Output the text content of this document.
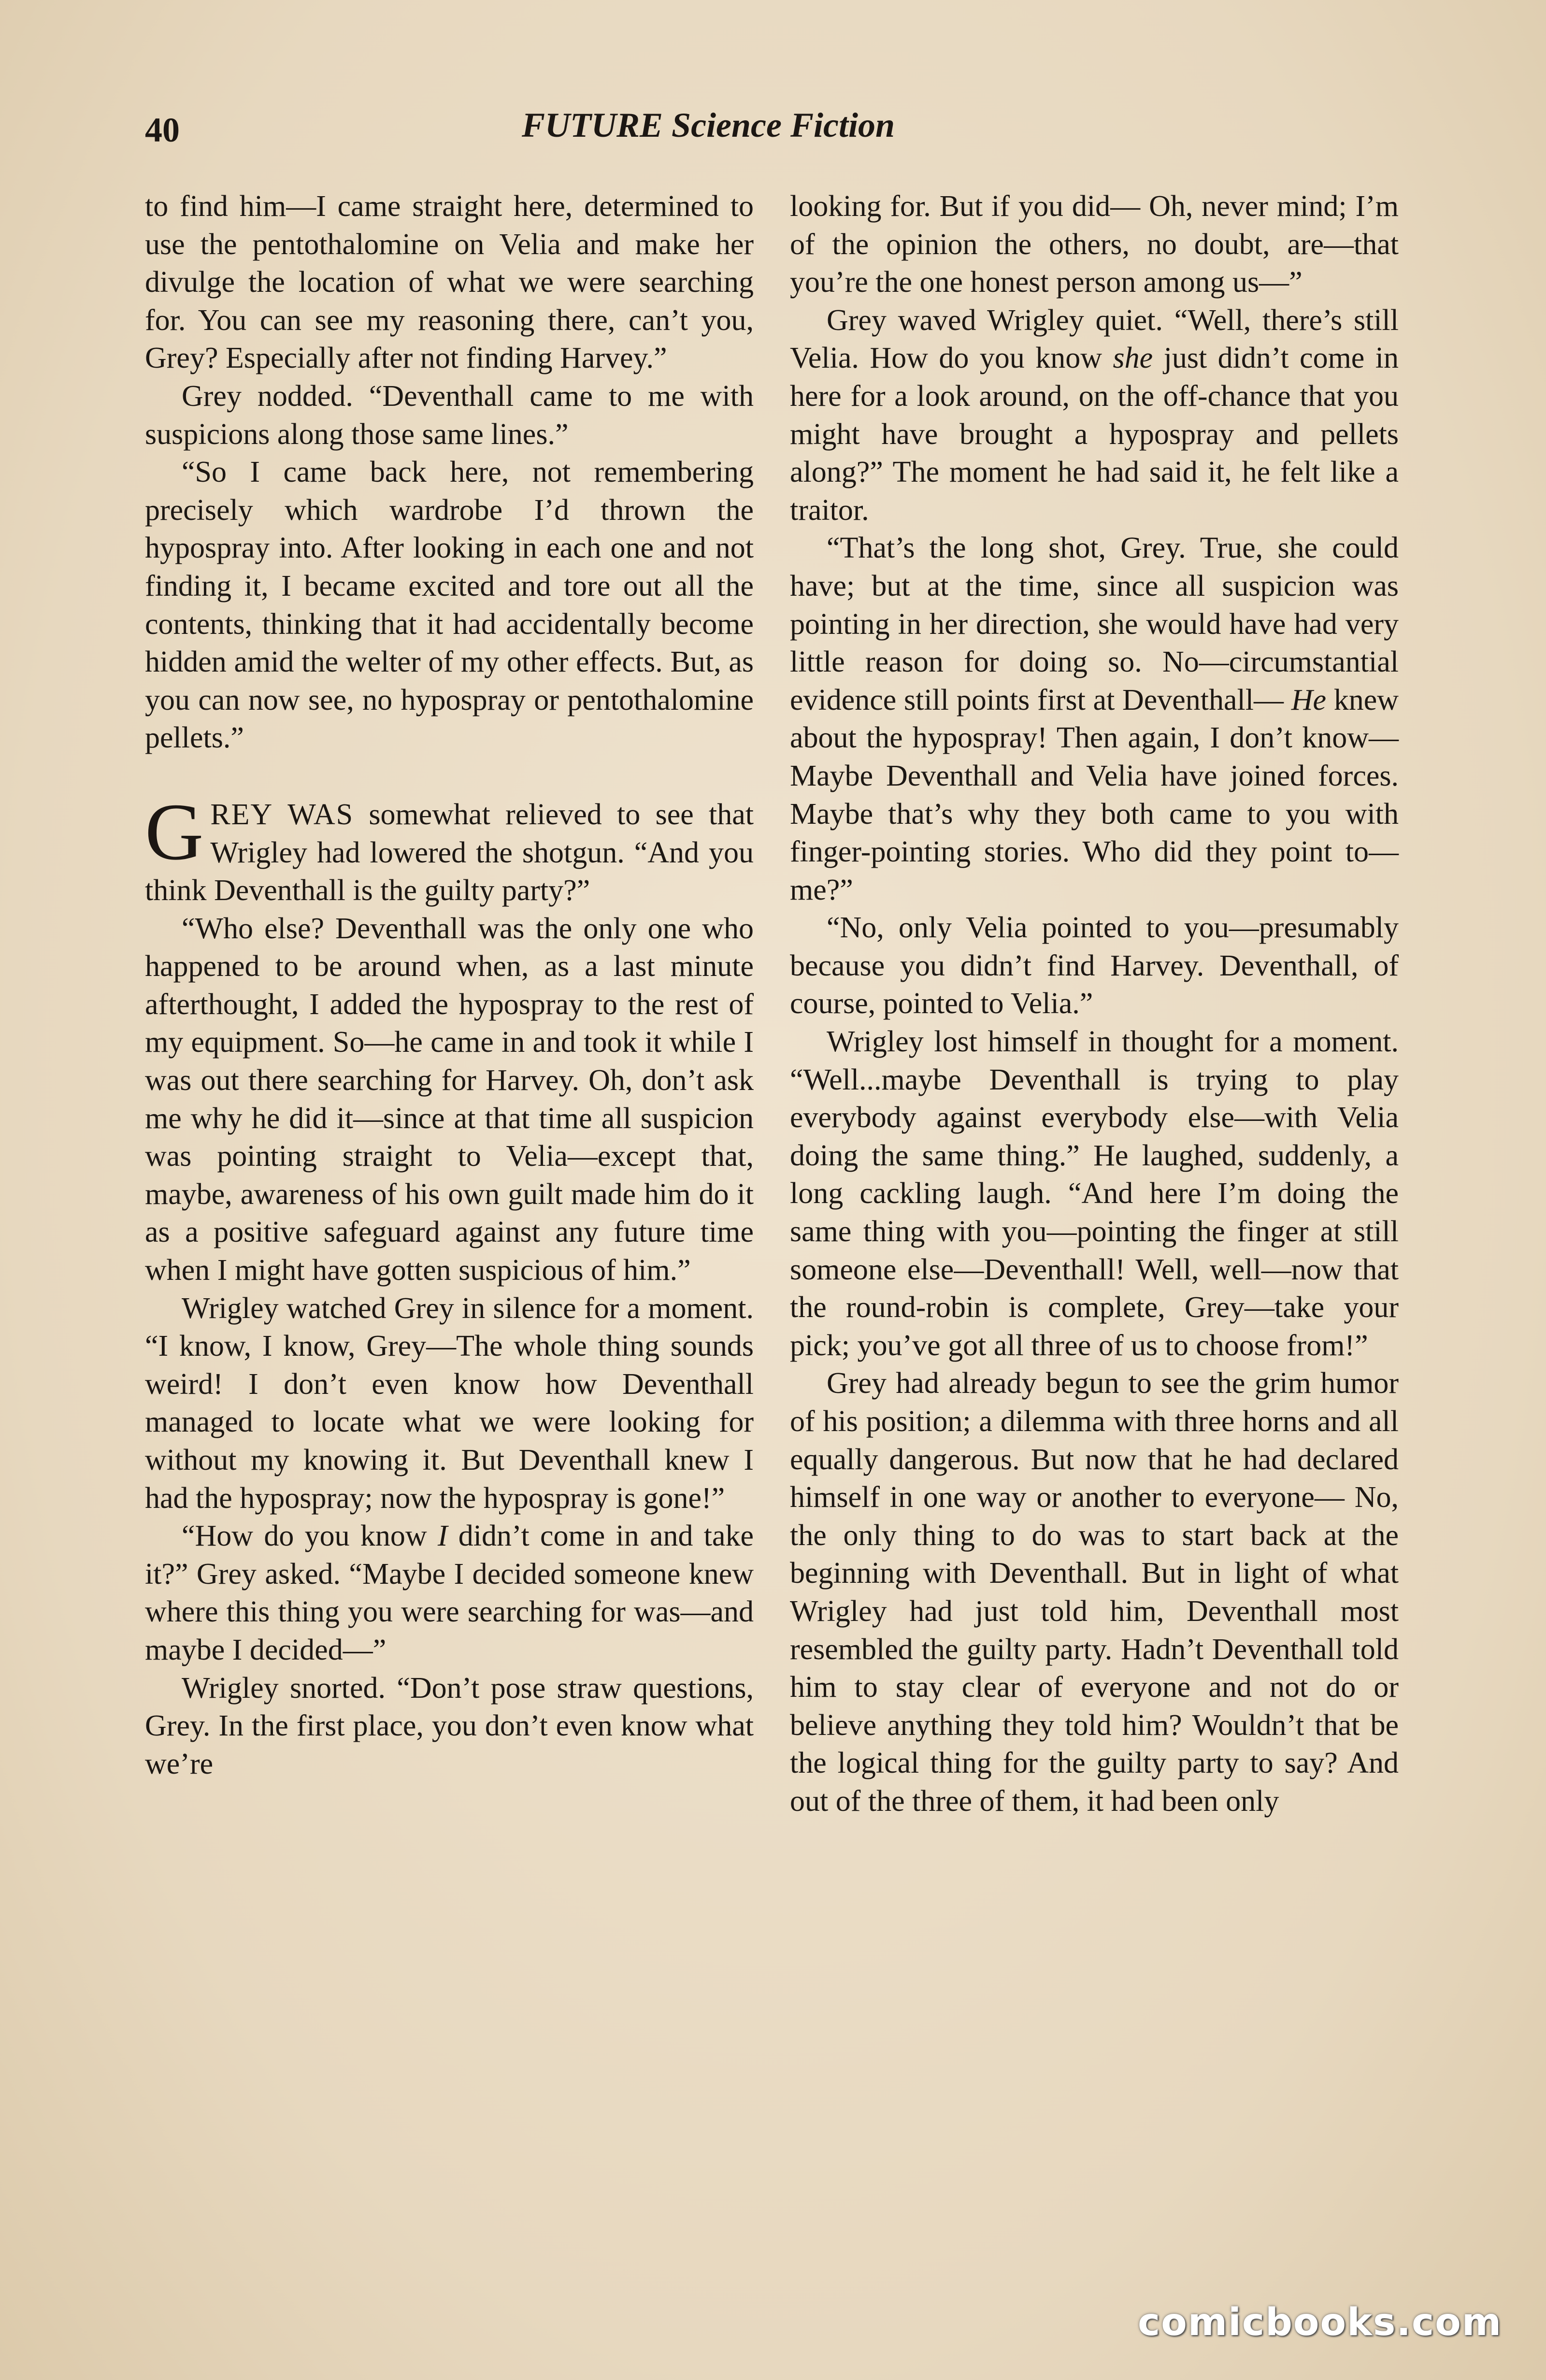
40	FUTURE Science Fiction

to find him—I came straight here, determined to use the pentothalomine on Velia and make her divulge the location of what we were searching for. You can see my reasoning there, can’t you, Grey? Especially after not finding Harvey.”

Grey nodded. “Deventhall came to me with suspicions along those same lines.”

“So I came back here, not remembering precisely which wardrobe I’d thrown the hypospray into. After looking in each one and not finding it, I became excited and tore out all the contents, thinking that it had accidentally become hidden amid the welter of my other effects. But, as you can now see, no hypospray or pentothalomine pellets.”

GREY WAS somewhat relieved to see that Wrigley had lowered the shotgun. “And you think Deventhall is the guilty party?”

“Who else? Deventhall was the only one who happened to be around when, as a last minute afterthought, I added the hypospray to the rest of my equipment. So—he came in and took it while I was out there searching for Harvey. Oh, don’t ask me why he did it—since at that time all suspicion was pointing straight to Velia—except that, maybe, awareness of his own guilt made him do it as a positive safeguard against any future time when I might have gotten suspicious of him.”

Wrigley watched Grey in silence for a moment. “I know, I know, Grey—The whole thing sounds weird! I don’t even know how Deventhall managed to locate what we were looking for without my knowing it. But Deventhall knew I had the hypospray; now the hypospray is gone!”

“How do you know I didn’t come in and take it?” Grey asked. “Maybe I decided someone knew where this thing you were searching for was—and maybe I decided—”

Wrigley snorted. “Don’t pose straw questions, Grey. In the first place, you don’t even know what we’re

looking for. But if you did— Oh, never mind; I’m of the opinion the others, no doubt, are—that you’re the one honest person among us—”

Grey waved Wrigley quiet. “Well, there’s still Velia. How do you know she just didn’t come in here for a look around, on the off-chance that you might have brought a hypospray and pellets along?” The moment he had said it, he felt like a traitor.

“That’s the long shot, Grey. True, she could have; but at the time, since all suspicion was pointing in her direction, she would have had very little reason for doing so. No—circumstantial evidence still points first at Deventhall— He knew about the hypospray! Then again, I don’t know—Maybe Deventhall and Velia have joined forces. Maybe that’s why they both came to you with finger-pointing stories. Who did they point to—me?”

“No, only Velia pointed to you—presumably because you didn’t find Harvey. Deventhall, of course, pointed to Velia.”

Wrigley lost himself in thought for a moment. “Well...maybe Deventhall is trying to play everybody against everybody else—with Velia doing the same thing.” He laughed, suddenly, a long cackling laugh. “And here I’m doing the same thing with you—pointing the finger at still someone else—Deventhall! Well, well—now that the round-robin is complete, Grey—take your pick; you’ve got all three of us to choose from!”

Grey had already begun to see the grim humor of his position; a dilemma with three horns and all equally dangerous. But now that he had declared himself in one way or another to everyone— No, the only thing to do was to start back at the beginning with Deventhall. But in light of what Wrigley had just told him, Deventhall most resembled the guilty party. Hadn’t Deventhall told him to stay clear of everyone and not do or believe anything they told him? Wouldn’t that be the logical thing for the guilty party to say? And out of the three of them, it had been only

comicbooks.com
